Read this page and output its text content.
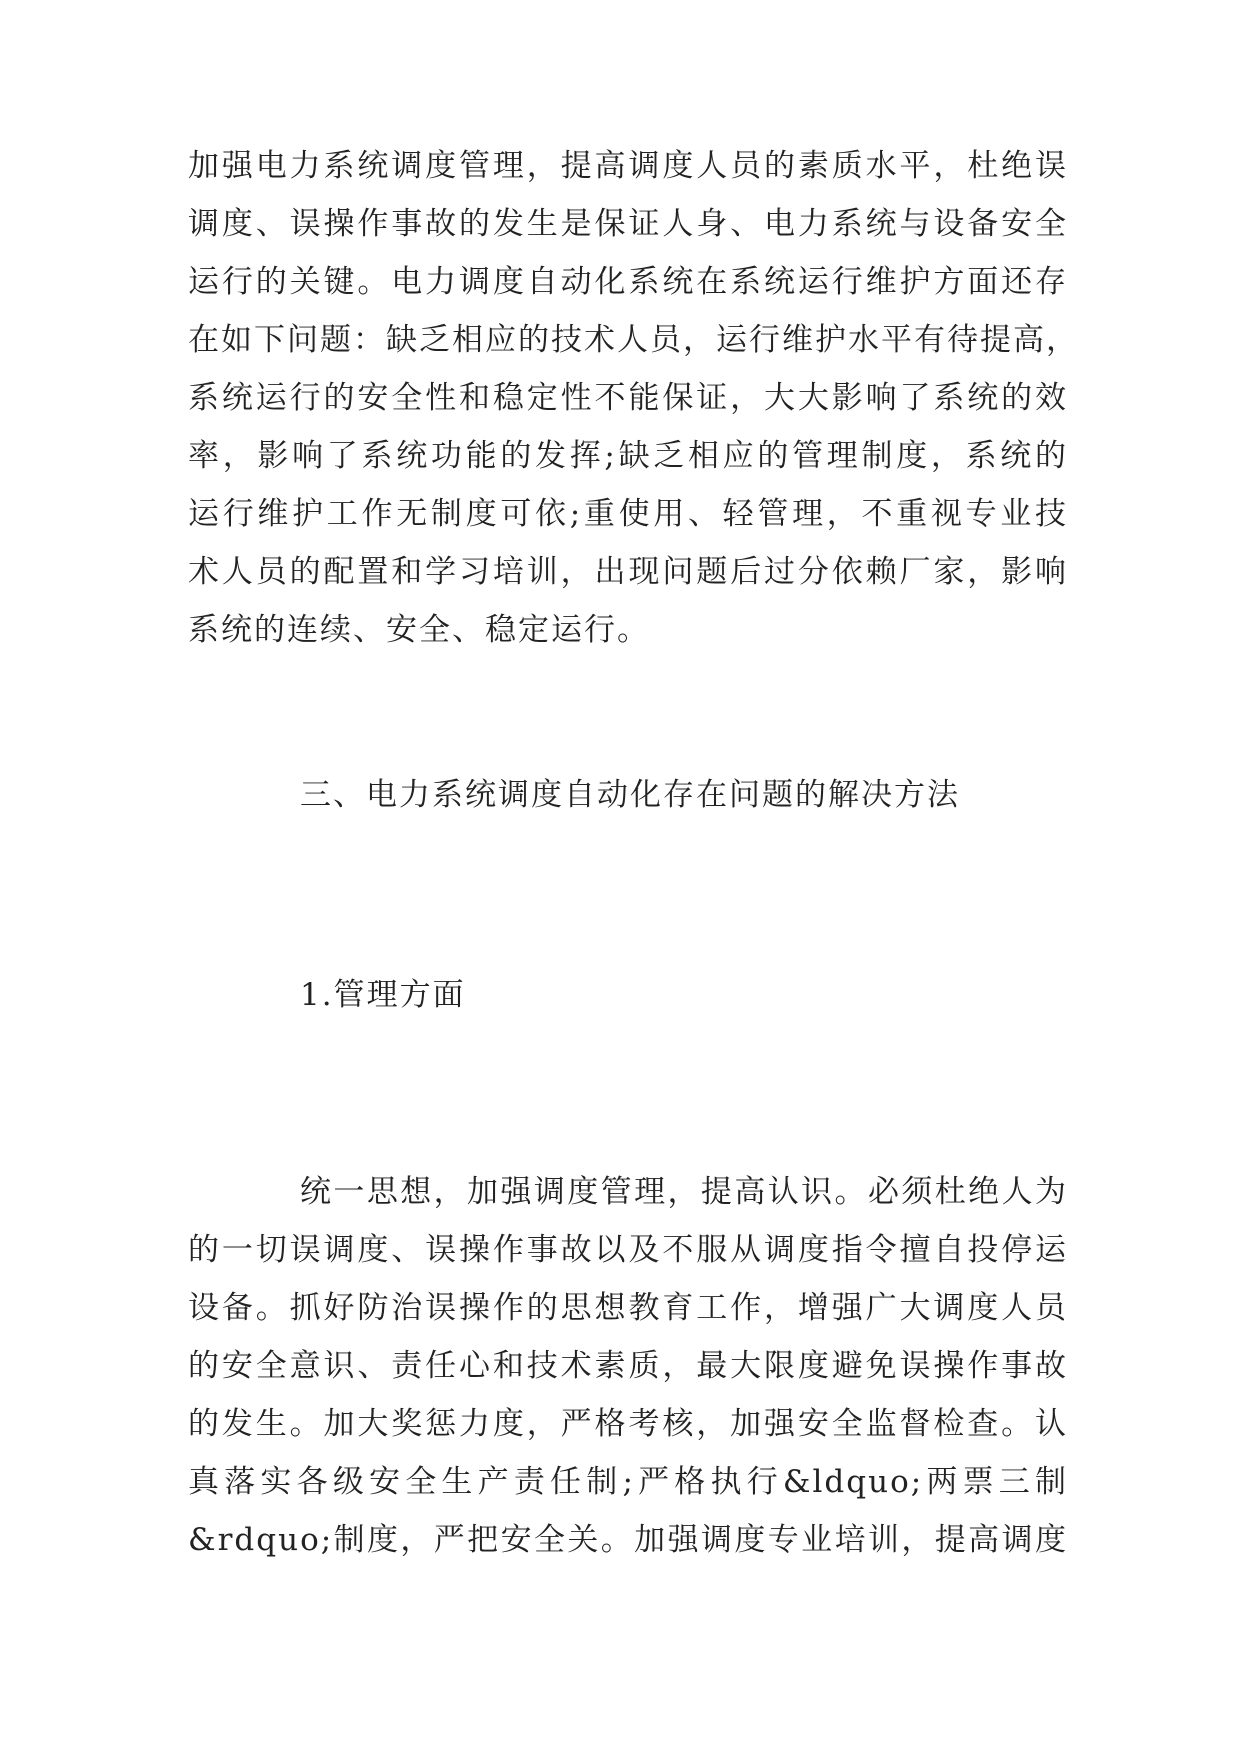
加强电力系统调度管理，提高调度人员的素质水平，杜绝误
调度、误操作事故的发生是保证人身、电力系统与设备安全
运行的关键。电力调度自动化系统在系统运行维护方面还存
在如下问题：缺乏相应的技术人员，运行维护水平有待提高，
系统运行的安全性和稳定性不能保证，大大影响了系统的效
率，影响了系统功能的发挥;缺乏相应的管理制度，系统的
运行维护工作无制度可依;重使用、轻管理，不重视专业技
术人员的配置和学习培训，出现问题后过分依赖厂家，影响
系统的连续、安全、稳定运行。
三、电力系统调度自动化存在问题的解决方法
1.管理方面
统一思想，加强调度管理，提高认识。必须杜绝人为
的一切误调度、误操作事故以及不服从调度指令擅自投停运
设备。抓好防治误操作的思想教育工作，增强广大调度人员
的安全意识、责任心和技术素质，最大限度避免误操作事故
的发生。加大奖惩力度，严格考核，加强安全监督检查。认
真落实各级安全生产责任制;严格执行&ldquo;两票三制
&rdquo;制度，严把安全关。加强调度专业培训，提高调度
